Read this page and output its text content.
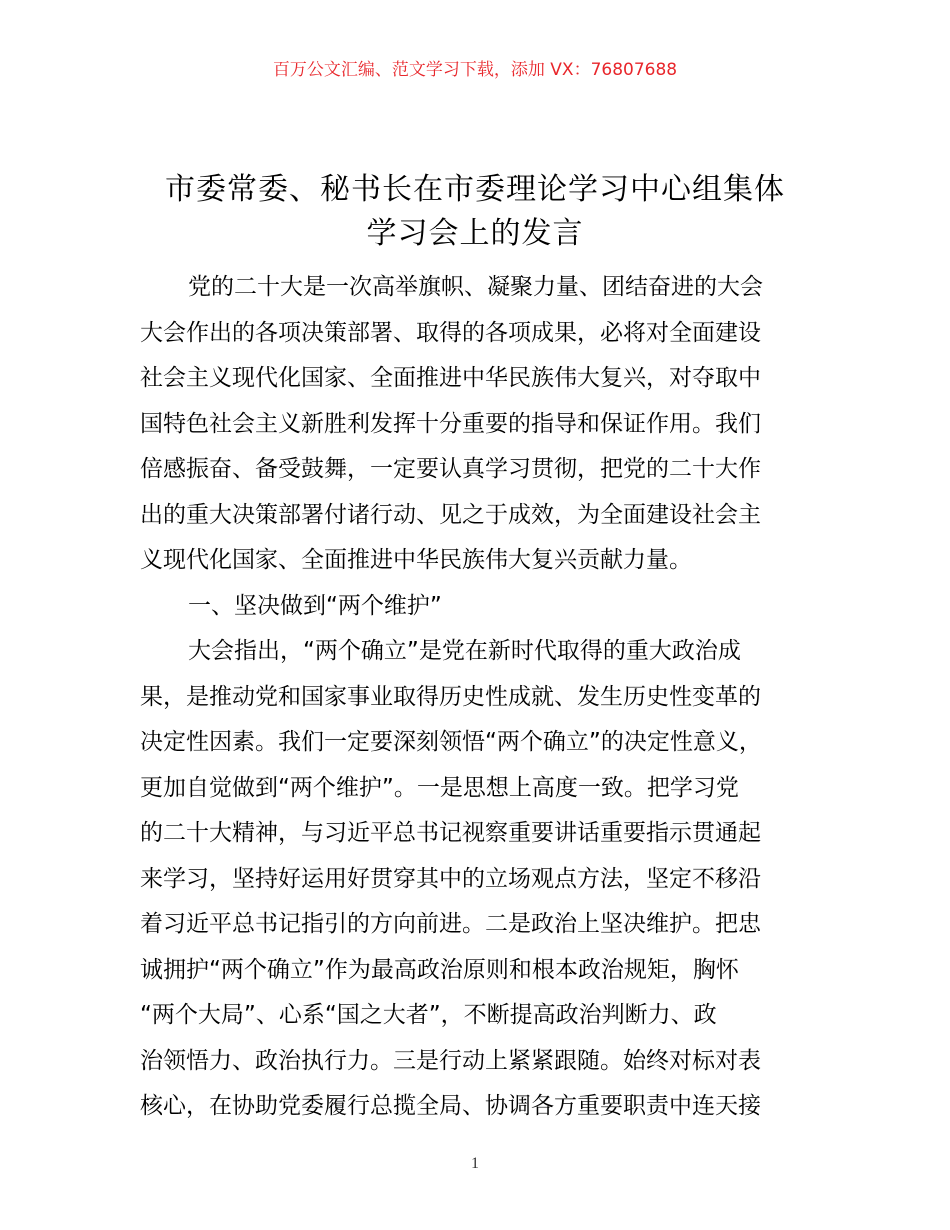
百万公文汇编、范文学习下载，添加 VX：76807688
市委常委、秘书长在市委理论学习中心组集体
学习会上的发言
党的二十大是一次高举旗帜、凝聚力量、团结奋进的大会
大会作出的各项决策部署、取得的各项成果，必将对全面建设
社会主义现代化国家、全面推进中华民族伟大复兴，对夺取中
国特色社会主义新胜利发挥十分重要的指导和保证作用。我们
倍感振奋、备受鼓舞，一定要认真学习贯彻，把党的二十大作
出的重大决策部署付诸行动、见之于成效，为全面建设社会主
义现代化国家、全面推进中华民族伟大复兴贡献力量。
一、坚决做到“两个维护”
大会指出，“两个确立”是党在新时代取得的重大政治成
果，是推动党和国家事业取得历史性成就、发生历史性变革的
决定性因素。我们一定要深刻领悟“两个确立”的决定性意义，
更加自觉做到“两个维护”。一是思想上高度一致。把学习党
的二十大精神，与习近平总书记视察重要讲话重要指示贯通起
来学习，坚持好运用好贯穿其中的立场观点方法，坚定不移沿
着习近平总书记指引的方向前进。二是政治上坚决维护。把忠
诚拥护“两个确立”作为最高政治原则和根本政治规矩，胸怀
“两个大局”、心系“国之大者”，不断提高政治判断力、政
治领悟力、政治执行力。三是行动上紧紧跟随。始终对标对表
核心，在协助党委履行总揽全局、协调各方重要职责中连天接
1
